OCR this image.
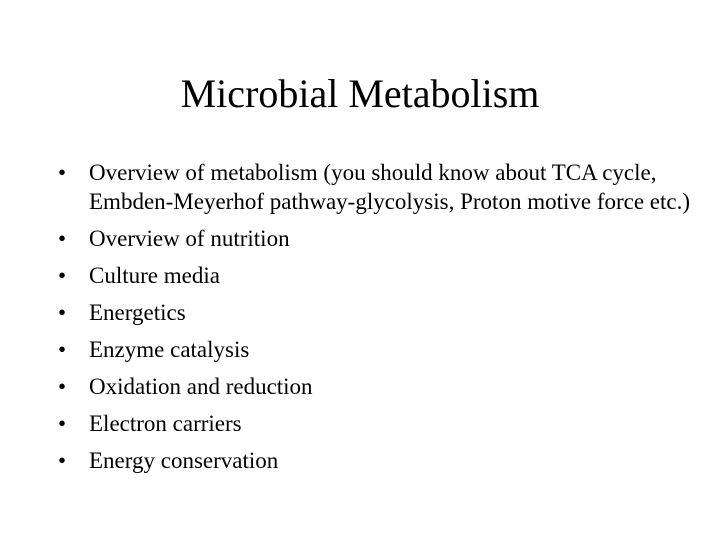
Microbial Metabolism
• Overview of metabolism (you should know about TCA cycle, Embden-Meyerhof pathway-glycolysis, Proton motive force etc.)
• Overview of nutrition
• Culture media
• Energetics
• Enzyme catalysis
• Oxidation and reduction
• Electron carriers
• Energy conservation
